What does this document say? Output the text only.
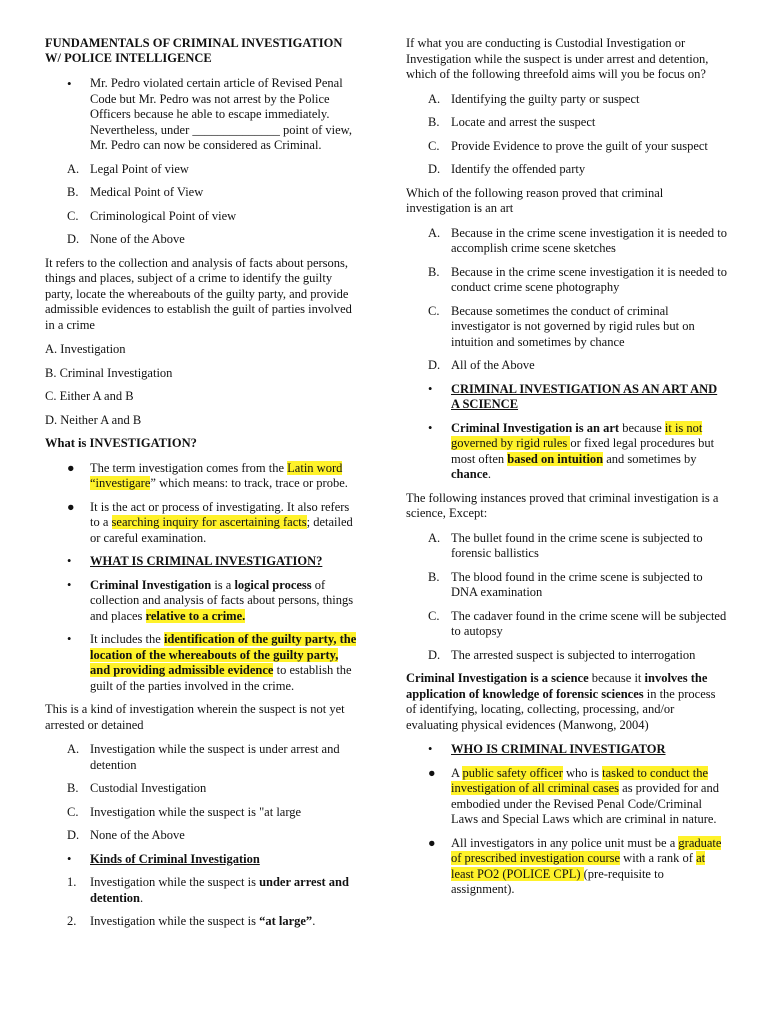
FUNDAMENTALS OF CRIMINAL INVESTIGATION W/ POLICE INTELLIGENCE

• Mr. Pedro violated certain article of Revised Penal Code but Mr. Pedro was not arrest by the Police Officers because he able to escape immediately. Nevertheless, under ______________ point of view, Mr. Pedro can now be considered as Criminal.
A. Legal Point of view
B. Medical Point of View
C. Criminological Point of view
D. None of the Above

It refers to the collection and analysis of facts about persons, things and places, subject of a crime to identify the guilty party, locate the whereabouts of the guilty party, and provide admissible evidences to establish the guilt of parties involved in a crime

A. Investigation
B. Criminal Investigation
C. Either A and B
D. Neither A and B

What is INVESTIGATION?

● The term investigation comes from the Latin word “investigare” which means: to track, trace or probe.
● It is the act or process of investigating. It also refers to a searching inquiry for ascertaining facts; detailed or careful examination.
• WHAT IS CRIMINAL INVESTIGATION?
• Criminal Investigation is a logical process of collection and analysis of facts about persons, things and places relative to a crime.
• It includes the identification of the guilty party, the location of the whereabouts of the guilty party, and providing admissible evidence to establish the guilt of the parties involved in the crime.

This is a kind of investigation wherein the suspect is not yet arrested or detained

A. Investigation while the suspect is under arrest and detention
B. Custodial Investigation
C. Investigation while the suspect is "at large
D. None of the Above
• Kinds of Criminal Investigation
1. Investigation while the suspect is under arrest and detention.
2. Investigation while the suspect is “at large”.

If what you are conducting is Custodial Investigation or Investigation while the suspect is under arrest and detention, which of the following threefold aims will you be focus on?

A. Identifying the guilty party or suspect
B. Locate and arrest the suspect
C. Provide Evidence to prove the guilt of your suspect
D. Identify the offended party

Which of the following reason proved that criminal investigation is an art

A. Because in the crime scene investigation it is needed to accomplish crime scene sketches
B. Because in the crime scene investigation it is needed to conduct crime scene photography
C. Because sometimes the conduct of criminal investigator is not governed by rigid rules but on intuition and sometimes by chance
D. All of the Above
• CRIMINAL INVESTIGATION AS AN ART AND A SCIENCE
• Criminal Investigation is an art because it is not governed by rigid rules or fixed legal procedures but most often based on intuition and sometimes by chance.

The following instances proved that criminal investigation is a science, Except:

A. The bullet found in the crime scene is subjected to forensic ballistics
B. The blood found in the crime scene is subjected to DNA examination
C. The cadaver found in the crime scene will be subjected to autopsy
D. The arrested suspect is subjected to interrogation

Criminal Investigation is a science because it involves the application of knowledge of forensic sciences in the process of identifying, locating, collecting, processing, and/or evaluating physical evidences (Manwong, 2004)

• WHO IS CRIMINAL INVESTIGATOR
● A public safety officer who is tasked to conduct the investigation of all criminal cases as provided for and embodied under the Revised Penal Code/Criminal Laws and Special Laws which are criminal in nature.
● All investigators in any police unit must be a graduate of prescribed investigation course with a rank of at least PO2 (POLICE CPL) (pre-requisite to assignment).
